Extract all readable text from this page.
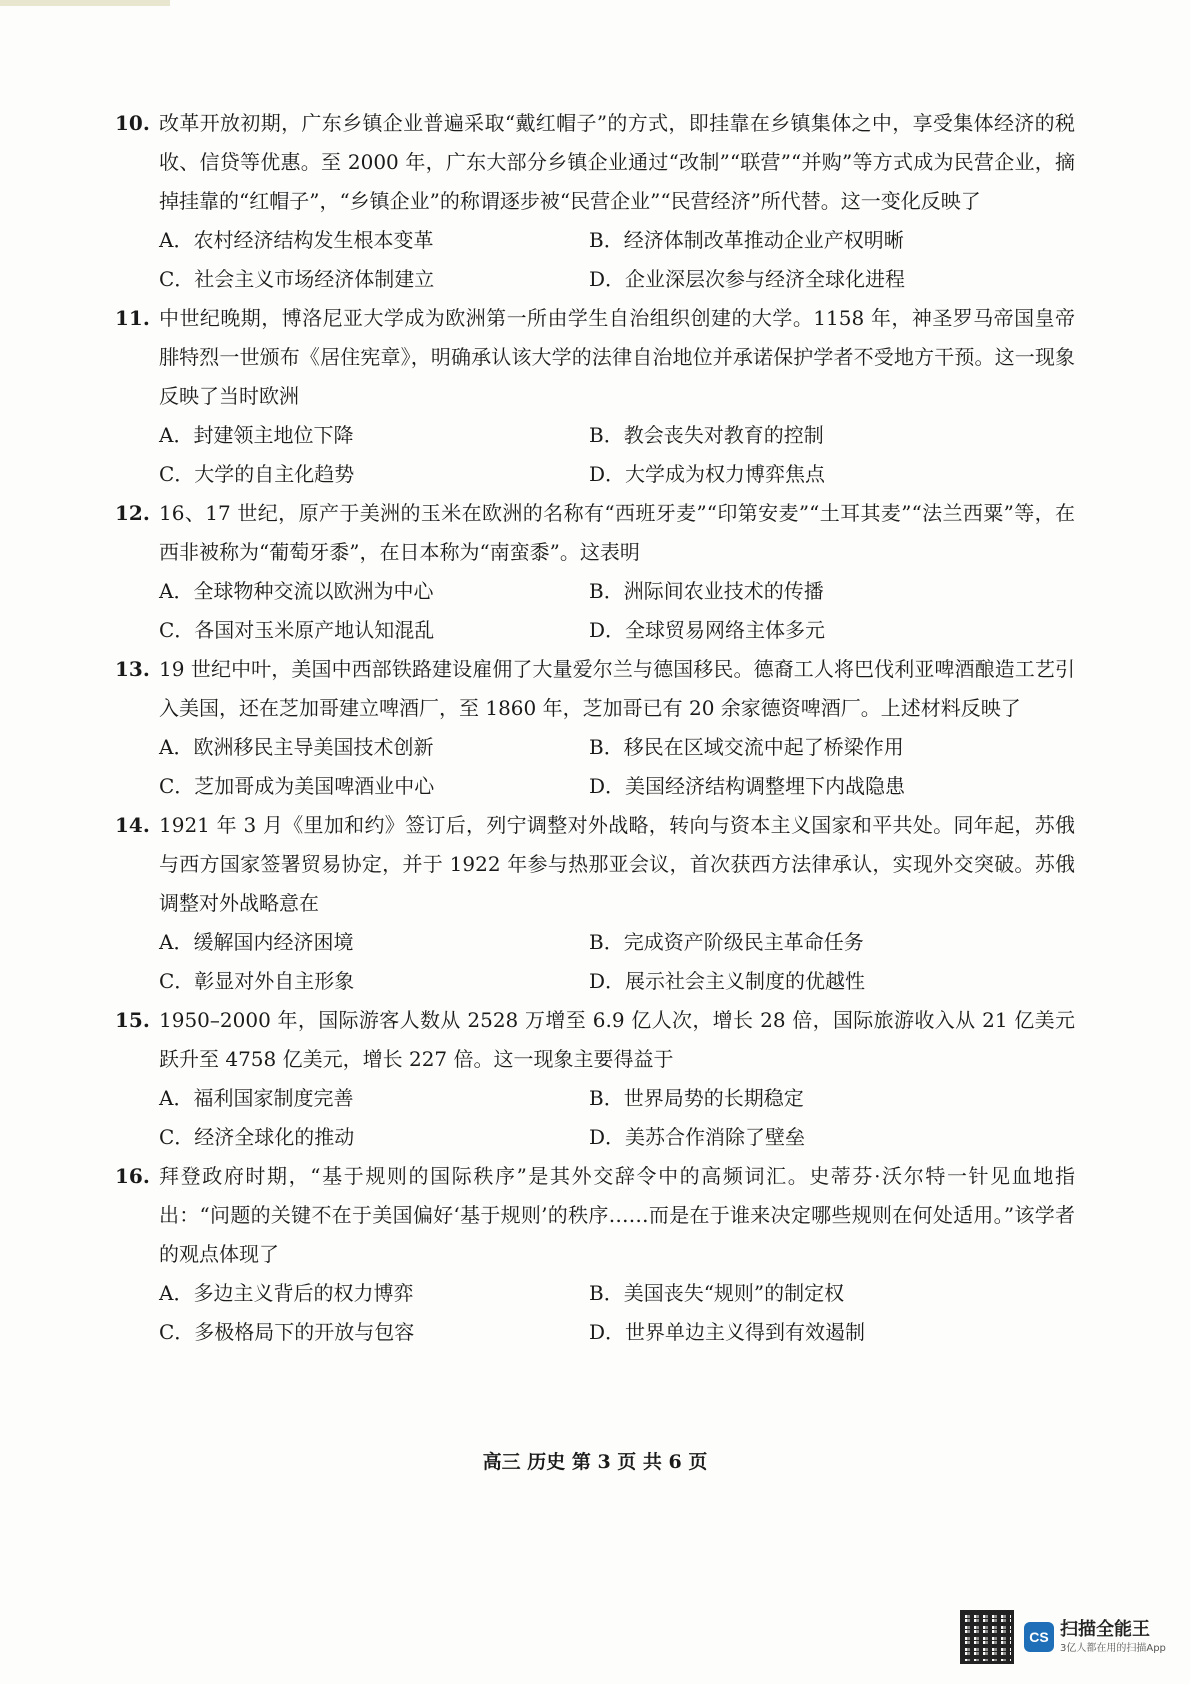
10. 改革开放初期，广东乡镇企业普遍采取“戴红帽子”的方式，即挂靠在乡镇集体之中，享受集体经济的税收、信贷等优惠。至 2000 年，广东大部分乡镇企业通过“改制”“联营”“并购”等方式成为民营企业，摘掉挂靠的“红帽子”，“乡镇企业”的称谓逐步被“民营企业”“民营经济”所代替。这一变化反映了
A．农村经济结构发生根本变革	B．经济体制改革推动企业产权明晰
C．社会主义市场经济体制建立	D．企业深层次参与经济全球化进程
11. 中世纪晚期，博洛尼亚大学成为欧洲第一所由学生自治组织创建的大学。1158 年，神圣罗马帝国皇帝腓特烈一世颁布《居住宪章》，明确承认该大学的法律自治地位并承诺保护学者不受地方干预。这一现象反映了当时欧洲
A．封建领主地位下降	B．教会丧失对教育的控制
C．大学的自主化趋势	D．大学成为权力博弈焦点
12. 16、17 世纪，原产于美洲的玉米在欧洲的名称有“西班牙麦”“印第安麦”“土耳其麦”“法兰西粟”等，在西非被称为“葡萄牙黍”，在日本称为“南蛮黍”。这表明
A．全球物种交流以欧洲为中心	B．洲际间农业技术的传播
C．各国对玉米原产地认知混乱	D．全球贸易网络主体多元
13. 19 世纪中叶，美国中西部铁路建设雇佣了大量爱尔兰与德国移民。德裔工人将巴伐利亚啤酒酿造工艺引入美国，还在芝加哥建立啤酒厂，至 1860 年，芝加哥已有 20 余家德资啤酒厂。上述材料反映了
A．欧洲移民主导美国技术创新	B．移民在区域交流中起了桥梁作用
C．芝加哥成为美国啤酒业中心	D．美国经济结构调整埋下内战隐患
14. 1921 年 3 月《里加和约》签订后，列宁调整对外战略，转向与资本主义国家和平共处。同年起，苏俄与西方国家签署贸易协定，并于 1922 年参与热那亚会议，首次获西方法律承认，实现外交突破。苏俄调整对外战略意在
A．缓解国内经济困境	B．完成资产阶级民主革命任务
C．彰显对外自主形象	D．展示社会主义制度的优越性
15. 1950–2000 年，国际游客人数从 2528 万增至 6.9 亿人次，增长 28 倍，国际旅游收入从 21 亿美元跃升至 4758 亿美元，增长 227 倍。这一现象主要得益于
A．福利国家制度完善	B．世界局势的长期稳定
C．经济全球化的推动	D．美苏合作消除了壁垒
16. 拜登政府时期，“基于规则的国际秩序”是其外交辞令中的高频词汇。史蒂芬·沃尔特一针见血地指出：“问题的关键不在于美国偏好‘基于规则’的秩序……而是在于谁来决定哪些规则在何处适用。”该学者的观点体现了
A．多边主义背后的权力博弈	B．美国丧失“规则”的制定权
C．多极格局下的开放与包容	D．世界单边主义得到有效遏制
高三 历史 第 3 页 共 6 页
CS 扫描全能王
3亿人都在用的扫描App
